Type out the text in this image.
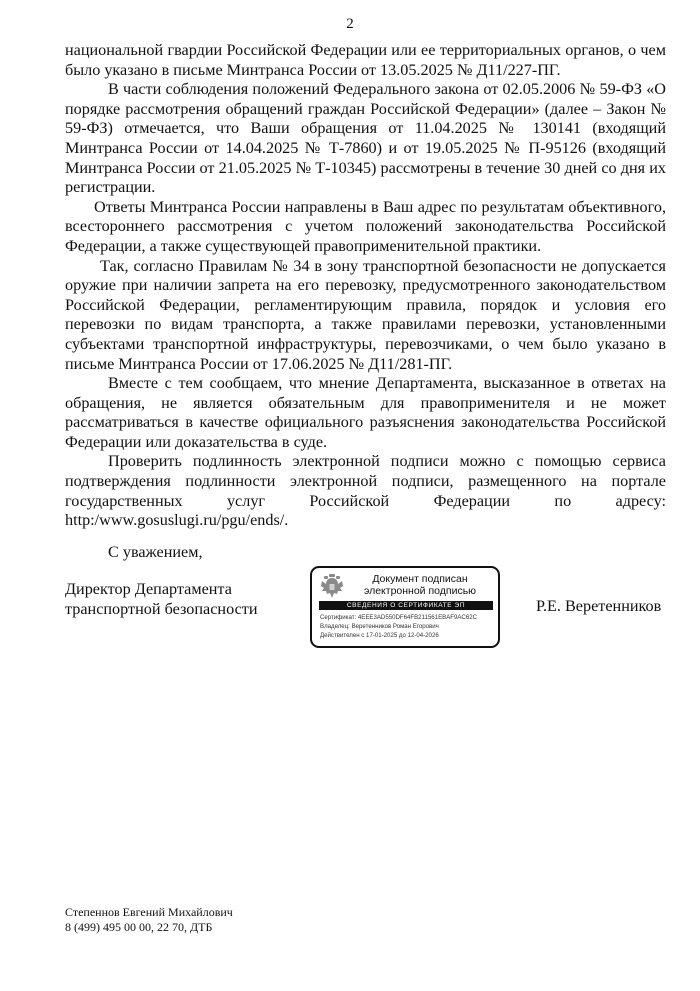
2

национальной гвардии Российской Федерации или ее территориальных органов, о чем было указано в письме Минтранса России от 13.05.2025 № Д11/227-ПГ.

В части соблюдения положений Федерального закона от 02.05.2006 № 59-ФЗ «О порядке рассмотрения обращений граждан Российской Федерации» (далее – Закон № 59-ФЗ) отмечается, что Ваши обращения от 11.04.2025 № 130141 (входящий Минтранса России от 14.04.2025 № Т-7860) и от 19.05.2025 № П-95126 (входящий Минтранса России от 21.05.2025 № Т-10345) рассмотрены в течение 30 дней со дня их регистрации.

Ответы Минтранса России направлены в Ваш адрес по результатам объективного, всестороннего рассмотрения с учетом положений законодательства Российской Федерации, а также существующей правоприменительной практики.

Так, согласно Правилам № 34 в зону транспортной безопасности не допускается оружие при наличии запрета на его перевозку, предусмотренного законодательством Российской Федерации, регламентирующим правила, порядок и условия его перевозки по видам транспорта, а также правилами перевозки, установленными субъектами транспортной инфраструктуры, перевозчиками, о чем было указано в письме Минтранса России от 17.06.2025 № Д11/281-ПГ.

Вместе с тем сообщаем, что мнение Департамента, высказанное в ответах на обращения, не является обязательным для правоприменителя и не может рассматриваться в качестве официального разъяснения законодательства Российской Федерации или доказательства в суде.

Проверить подлинность электронной подписи можно с помощью сервиса подтверждения подлинности электронной подписи, размещенного на портале государственных услуг Российской Федерации по адресу:

http:/www.gosuslugi.ru/pgu/ends/.

С уважением,
Директор Департамента
транспортной безопасности
Документ подписан
электронной подписью
СВЕДЕНИЯ О СЕРТИФИКАТЕ ЭП
Сертификат: 4EEE3AD550DF64FB211561EBAF9AC62C
Владелец: Веретенников Роман Егорович
Действителен с 17-01-2025 до 12-04-2026
Р.Е. Веретенников
Степеннов Евгений Михайлович
8 (499) 495 00 00, 22 70, ДТБ
